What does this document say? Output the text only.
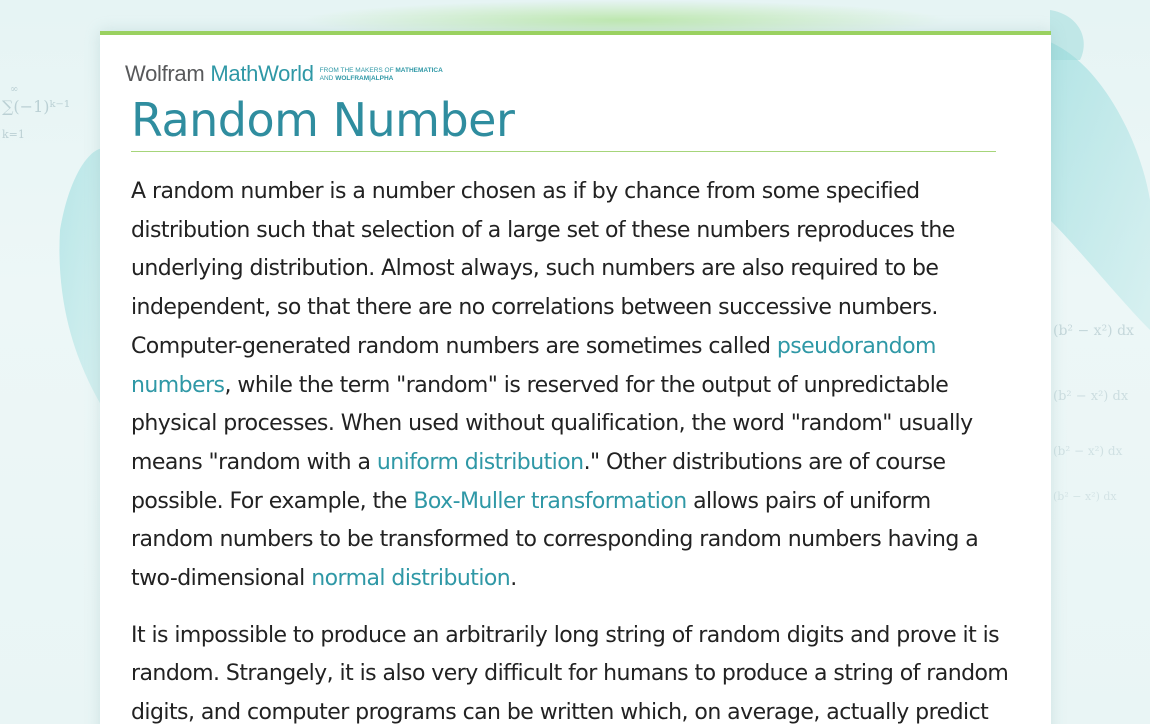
∑(−1)ᵏ⁻¹
k=1
∞
(b² − x²) dx
(b² − x²) dx
(b² − x²) dx
(b² − x²) dx
Wolfram MathWorld FROM THE MAKERS OF MATHEMATICA
AND WOLFRAM|ALPHA
Random Number

A random number is a number chosen as if by chance from some specified distribution such that selection of a large set of these numbers reproduces the underlying distribution. Almost always, such numbers are also required to be independent, so that there are no correlations between successive numbers. Computer-generated random numbers are sometimes called pseudorandom numbers, while the term "random" is reserved for the output of unpredictable physical processes. When used without qualification, the word "random" usually means "random with a uniform distribution." Other distributions are of course possible. For example, the Box-Muller transformation allows pairs of uniform random numbers to be transformed to corresponding random numbers having a two-dimensional normal distribution.

It is impossible to produce an arbitrarily long string of random digits and prove it is random. Strangely, it is also very difficult for humans to produce a string of random digits, and computer programs can be written which, on average, actually predict
